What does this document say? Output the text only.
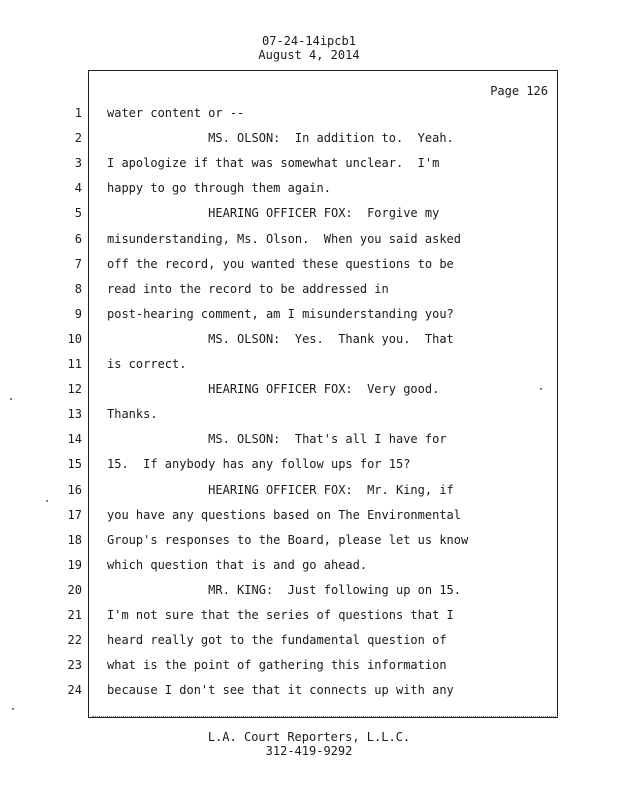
07-24-14ipcb1
August 4, 2014
Page 126
1 water content or --
2 MS. OLSON:  In addition to.  Yeah.
3 I apologize if that was somewhat unclear.  I'm
4 happy to go through them again.
5 HEARING OFFICER FOX:  Forgive my
6 misunderstanding, Ms. Olson.  When you said asked
7 off the record, you wanted these questions to be
8 read into the record to be addressed in
9 post-hearing comment, am I misunderstanding you?
10 MS. OLSON:  Yes.  Thank you.  That
11 is correct.
12 HEARING OFFICER FOX:  Very good.
13 Thanks.
14 MS. OLSON:  That's all I have for
15 15.  If anybody has any follow ups for 15?
16 HEARING OFFICER FOX:  Mr. King, if
17 you have any questions based on The Environmental
18 Group's responses to the Board, please let us know
19 which question that is and go ahead.
20 MR. KING:  Just following up on 15.
21 I'm not sure that the series of questions that I
22 heard really got to the fundamental question of
23 what is the point of gathering this information
24 because I don't see that it connects up with any
L.A. Court Reporters, L.L.C.
312-419-9292
